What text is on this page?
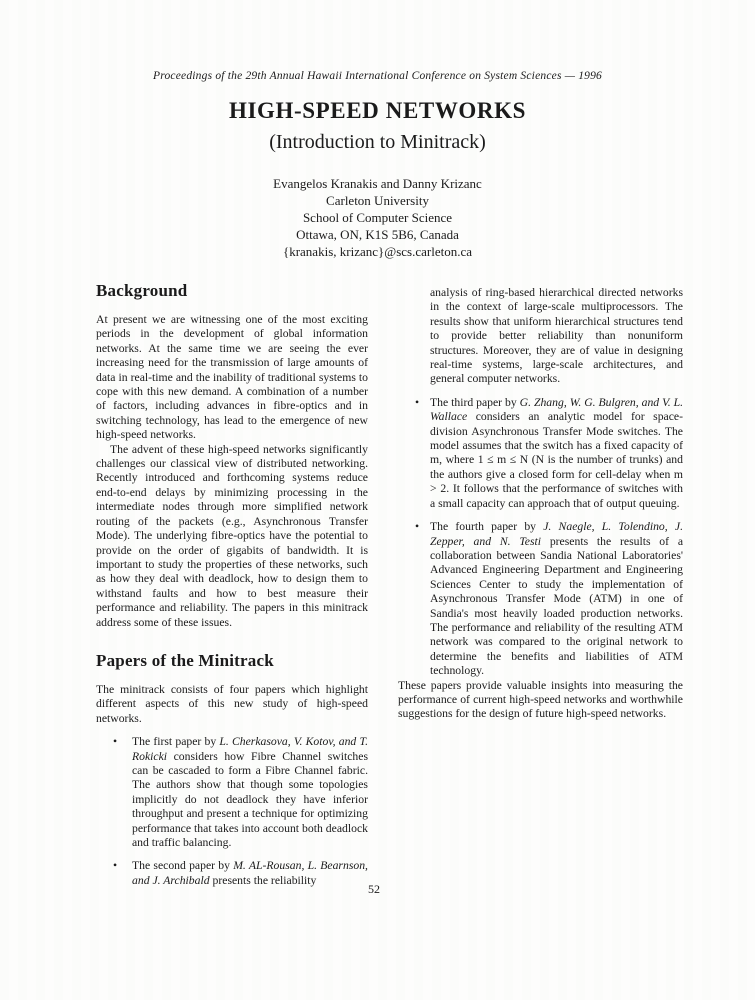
Proceedings of the 29th Annual Hawaii International Conference on System Sciences — 1996

HIGH-SPEED NETWORKS
(Introduction to Minitrack)
Evangelos Kranakis and Danny Krizanc
Carleton University
School of Computer Science
Ottawa, ON, K1S 5B6, Canada
{kranakis, krizanc}@scs.carleton.ca
Background

At present we are witnessing one of the most exciting periods in the development of global information networks. At the same time we are seeing the ever increasing need for the transmission of large amounts of data in real-time and the inability of traditional systems to cope with this new demand. A combination of a number of factors, including advances in fibre-optics and in switching technology, has lead to the emergence of new high-speed networks.

The advent of these high-speed networks significantly challenges our classical view of distributed networking. Recently introduced and forthcoming systems reduce end-to-end delays by minimizing processing in the intermediate nodes through more simplified network routing of the packets (e.g., Asynchronous Transfer Mode). The underlying fibre-optics have the potential to provide on the order of gigabits of bandwidth. It is important to study the properties of these networks, such as how they deal with deadlock, how to design them to withstand faults and how to best measure their performance and reliability. The papers in this minitrack address some of these issues.

Papers of the Minitrack

The minitrack consists of four papers which highlight different aspects of this new study of high-speed networks.

• The first paper by L. Cherkasova, V. Kotov, and T. Rokicki considers how Fibre Channel switches can be cascaded to form a Fibre Channel fabric. The authors show that though some topologies implicitly do not deadlock they have inferior throughput and present a technique for optimizing performance that takes into account both deadlock and traffic balancing.

• The second paper by M. AL-Rousan, L. Bearnson, and J. Archibald presents the reliability

analysis of ring-based hierarchical directed networks in the context of large-scale multiprocessors. The results show that uniform hierarchical structures tend to provide better reliability than nonuniform structures. Moreover, they are of value in designing real-time systems, large-scale architectures, and general computer networks.

• The third paper by G. Zhang, W. G. Bulgren, and V. L. Wallace considers an analytic model for space-division Asynchronous Transfer Mode switches. The model assumes that the switch has a fixed capacity of m, where 1 ≤ m ≤ N (N is the number of trunks) and the authors give a closed form for cell-delay when m > 2. It follows that the performance of switches with a small capacity can approach that of output queuing.

• The fourth paper by J. Naegle, L. Tolendino, J. Zepper, and N. Testi presents the results of a collaboration between Sandia National Laboratories' Advanced Engineering Department and Engineering Sciences Center to study the implementation of Asynchronous Transfer Mode (ATM) in one of Sandia's most heavily loaded production networks. The performance and reliability of the resulting ATM network was compared to the original network to determine the benefits and liabilities of ATM technology.

These papers provide valuable insights into measuring the performance of current high-speed networks and worthwhile suggestions for the design of future high-speed networks.

52
